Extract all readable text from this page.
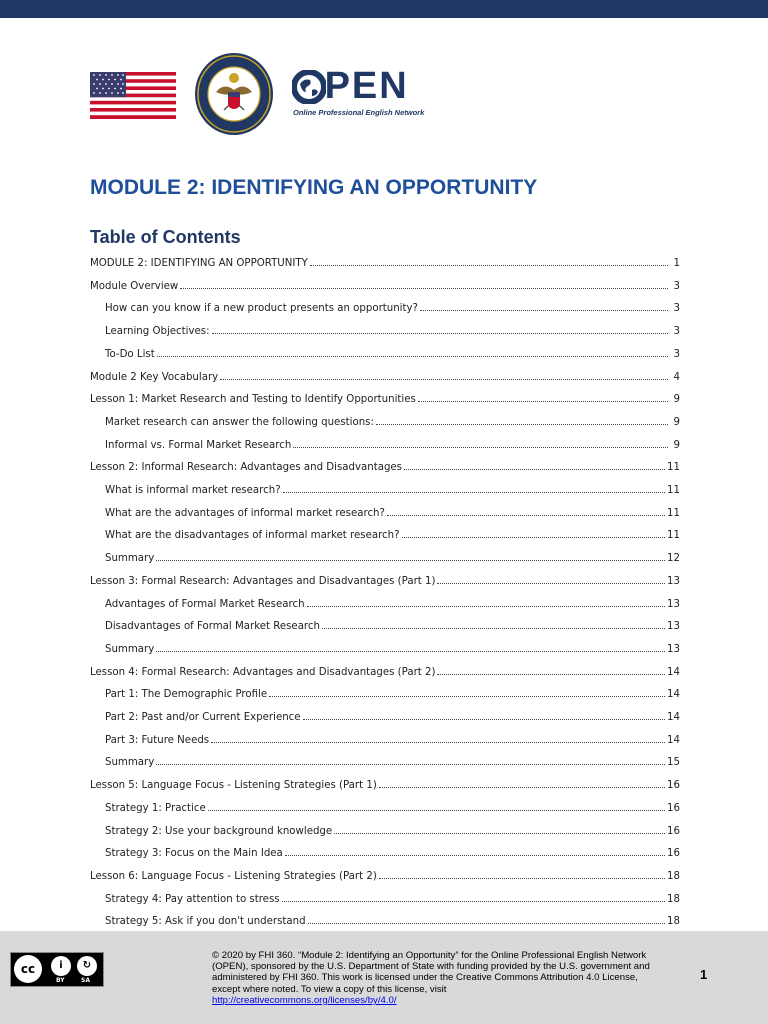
PEN
Online Professional English Network
MODULE 2: IDENTIFYING AN OPPORTUNITY
Table of Contents
MODULE 2: IDENTIFYING AN OPPORTUNITY	1
Module Overview	3
How can you know if a new product presents an opportunity?	3
Learning Objectives:	3
To-Do List	3
Module 2 Key Vocabulary	4
Lesson 1: Market Research and Testing to Identify Opportunities	9
Market research can answer the following questions:	9
Informal vs. Formal Market Research	9
Lesson 2: Informal Research: Advantages and Disadvantages	11
What is informal market research?	11
What are the advantages of informal market research?	11
What are the disadvantages of informal market research?	11
Summary	12
Lesson 3: Formal Research: Advantages and Disadvantages (Part 1)	13
Advantages of Formal Market Research	13
Disadvantages of Formal Market Research	13
Summary	13
Lesson 4: Formal Research: Advantages and Disadvantages (Part 2)	14
Part 1: The Demographic Profile	14
Part 2: Past and/or Current Experience	14
Part 3: Future Needs	14
Summary	15
Lesson 5: Language Focus - Listening Strategies (Part 1)	16
Strategy 1: Practice	16
Strategy 2: Use your background knowledge	16
Strategy 3: Focus on the Main Idea	16
Lesson 6: Language Focus - Listening Strategies (Part 2)	18
Strategy 4: Pay attention to stress	18
Strategy 5: Ask if you don't understand	18
cc	i	↻
BY	SA
© 2020 by FHI 360. “Module 2: Identifying an Opportunity” for the Online Professional English Network (OPEN), sponsored by the U.S. Department of State with funding provided by the U.S. government and administered by FHI 360. This work is licensed under the Creative Commons Attribution 4.0 License, except where noted. To view a copy of this license, visit
http://creativecommons.org/licenses/by/4.0/
1
